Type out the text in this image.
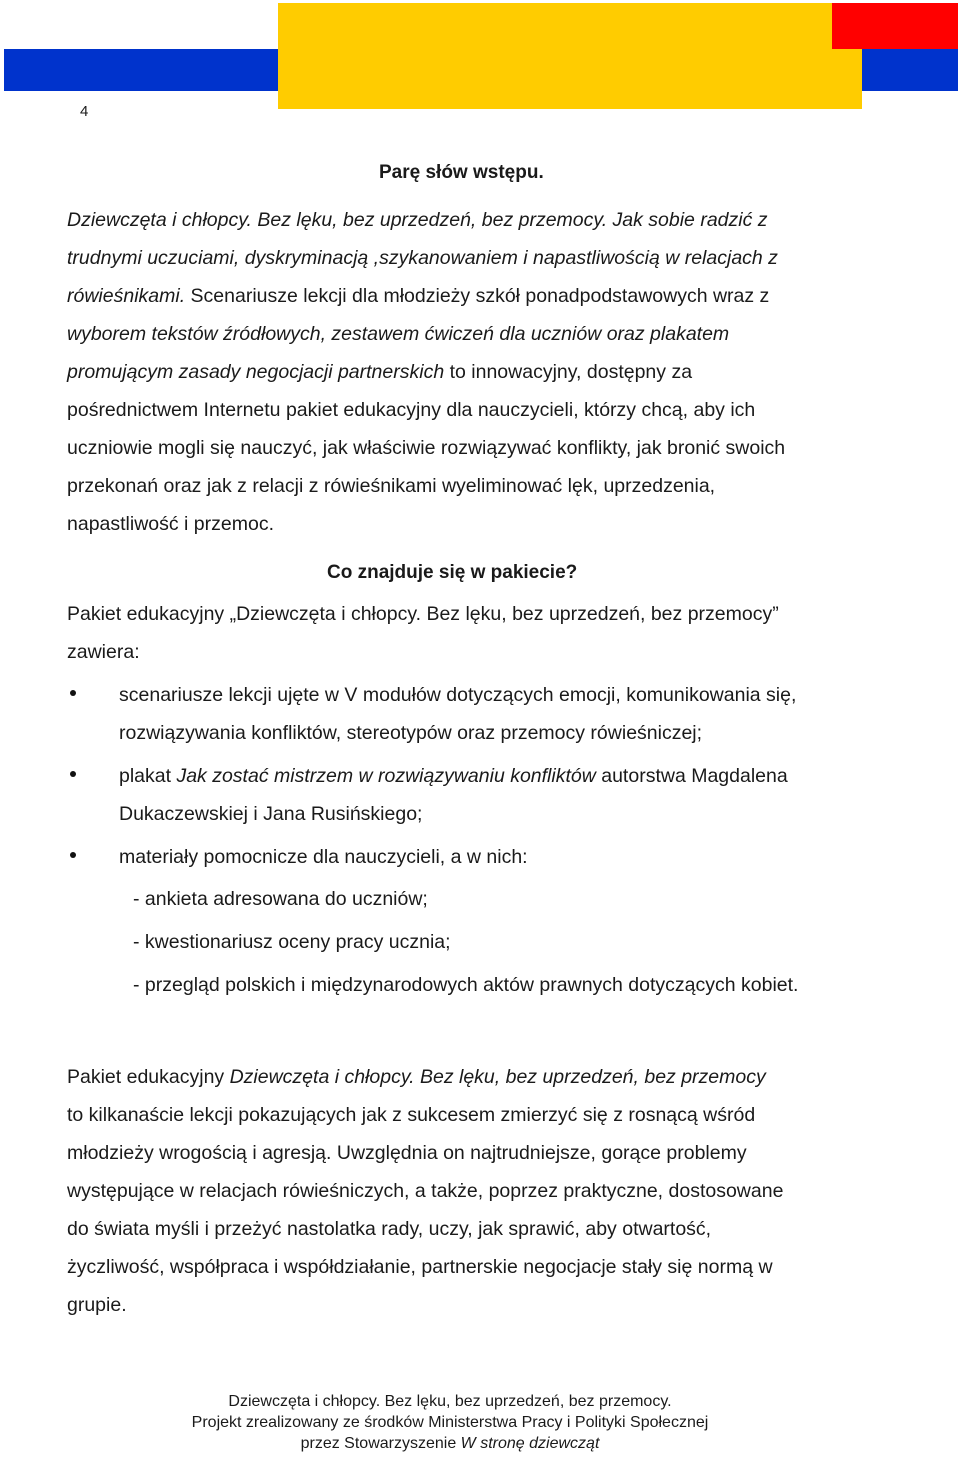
4
Parę słów wstępu.
Dziewczęta i chłopcy. Bez lęku, bez uprzedzeń, bez przemocy. Jak sobie radzić z
trudnymi uczuciami, dyskryminacją ,szykanowaniem i napastliwością w relacjach z
rówieśnikami. Scenariusze lekcji dla młodzieży szkół ponadpodstawowych wraz z
wyborem tekstów źródłowych, zestawem ćwiczeń dla uczniów oraz plakatem
promującym zasady negocjacji partnerskich to innowacyjny, dostępny za
pośrednictwem Internetu pakiet edukacyjny dla nauczycieli, którzy chcą, aby ich
uczniowie mogli się nauczyć, jak właściwie rozwiązywać konflikty, jak bronić swoich
przekonań oraz jak z relacji z rówieśnikami wyeliminować lęk, uprzedzenia,
napastliwość i przemoc.
Co znajduje się w pakiecie?
Pakiet edukacyjny „Dziewczęta i chłopcy. Bez lęku, bez uprzedzeń, bez przemocy”
zawiera:
scenariusze lekcji ujęte w V modułów dotyczących emocji, komunikowania się,
rozwiązywania konfliktów, stereotypów oraz przemocy rówieśniczej;
plakat Jak zostać mistrzem w rozwiązywaniu konfliktów autorstwa Magdalena
Dukaczewskiej i Jana Rusińskiego;
materiały pomocnicze dla nauczycieli, a w nich:
- ankieta adresowana do uczniów;
- kwestionariusz oceny pracy ucznia;
- przegląd polskich i międzynarodowych aktów prawnych dotyczących kobiet.
Pakiet edukacyjny Dziewczęta i chłopcy. Bez lęku, bez uprzedzeń, bez przemocy
to kilkanaście lekcji pokazujących jak z sukcesem zmierzyć się z rosnącą wśród
młodzieży wrogością i agresją. Uwzględnia on najtrudniejsze, gorące problemy
występujące w relacjach rówieśniczych, a także, poprzez praktyczne, dostosowane
do świata myśli i przeżyć nastolatka rady, uczy, jak sprawić, aby otwartość,
życzliwość, współpraca i współdziałanie, partnerskie negocjacje stały się normą w
grupie.
Dziewczęta i chłopcy. Bez lęku, bez uprzedzeń, bez przemocy.
Projekt zrealizowany ze środków Ministerstwa Pracy i Polityki Społecznej
przez Stowarzyszenie W stronę dziewcząt
